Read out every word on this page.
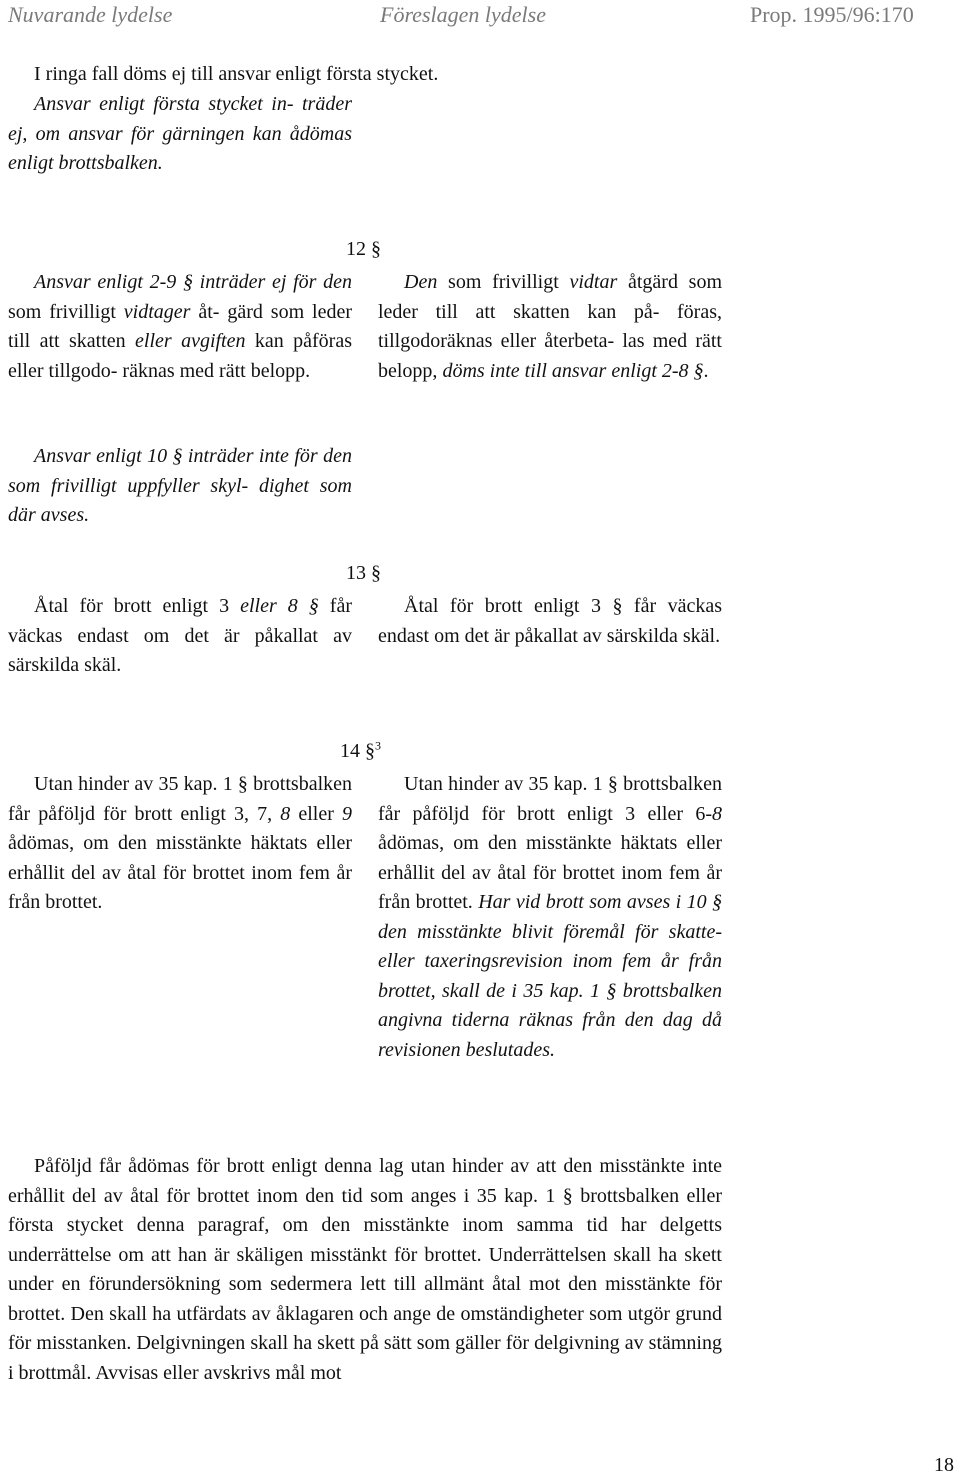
Nuvarande lydelse	Föreslagen lydelse	Prop. 1995/96:170
I ringa fall döms ej till ansvar enligt första stycket.
Ansvar enligt första stycket in- träder ej, om ansvar för gärningen kan ådömas enligt brottsbalken.
12 §
Ansvar enligt 2-9 § inträder ej för den som frivilligt vidtager åt- gärd som leder till att skatten eller avgiften kan påföras eller tillgodo- räknas med rätt belopp.
Den som frivilligt vidtar åtgärd som leder till att skatten kan på- föras, tillgodoräknas eller återbeta- las med rätt belopp, döms inte till ansvar enligt 2-8 §.
Ansvar enligt 10 § inträder inte för den som frivilligt uppfyller skyl- dighet som där avses.
13 §
Åtal för brott enligt 3 eller 8 § får väckas endast om det är påkallat av särskilda skäl.
Åtal för brott enligt 3 § får väckas endast om det är påkallat av särskilda skäl.
14 §$^3$
Utan hinder av 35 kap. 1 § brottsbalken får påföljd för brott enligt 3, 7, 8 eller 9 ådömas, om den misstänkte häktats eller erhållit del av åtal för brottet inom fem år från brottet.
Utan hinder av 35 kap. 1 § brottsbalken får påföljd för brott enligt 3 eller 6-8 ådömas, om den misstänkte häktats eller erhållit del av åtal för brottet inom fem år från brottet. Har vid brott som avses i 10 § den misstänkte blivit föremål för skatte- eller taxeringsrevision inom fem år från brottet, skall de i 35 kap. 1 § brottsbalken angivna tiderna räknas från den dag då revisionen beslutades.
Påföljd får ådömas för brott enligt denna lag utan hinder av att den misstänkte inte erhållit del av åtal för brottet inom den tid som anges i 35 kap. 1 § brottsbalken eller första stycket denna paragraf, om den misstänkte inom samma tid har delgetts underrättelse om att han är skäligen misstänkt för brottet. Underrättelsen skall ha skett under en förundersökning som sedermera lett till allmänt åtal mot den misstänkte för brottet. Den skall ha utfärdats av åklagaren och ange de omständigheter som utgör grund för misstanken. Delgivningen skall ha skett på sätt som gäller för delgivning av stämning i brottmål. Avvisas eller avskrivs mål mot
18
